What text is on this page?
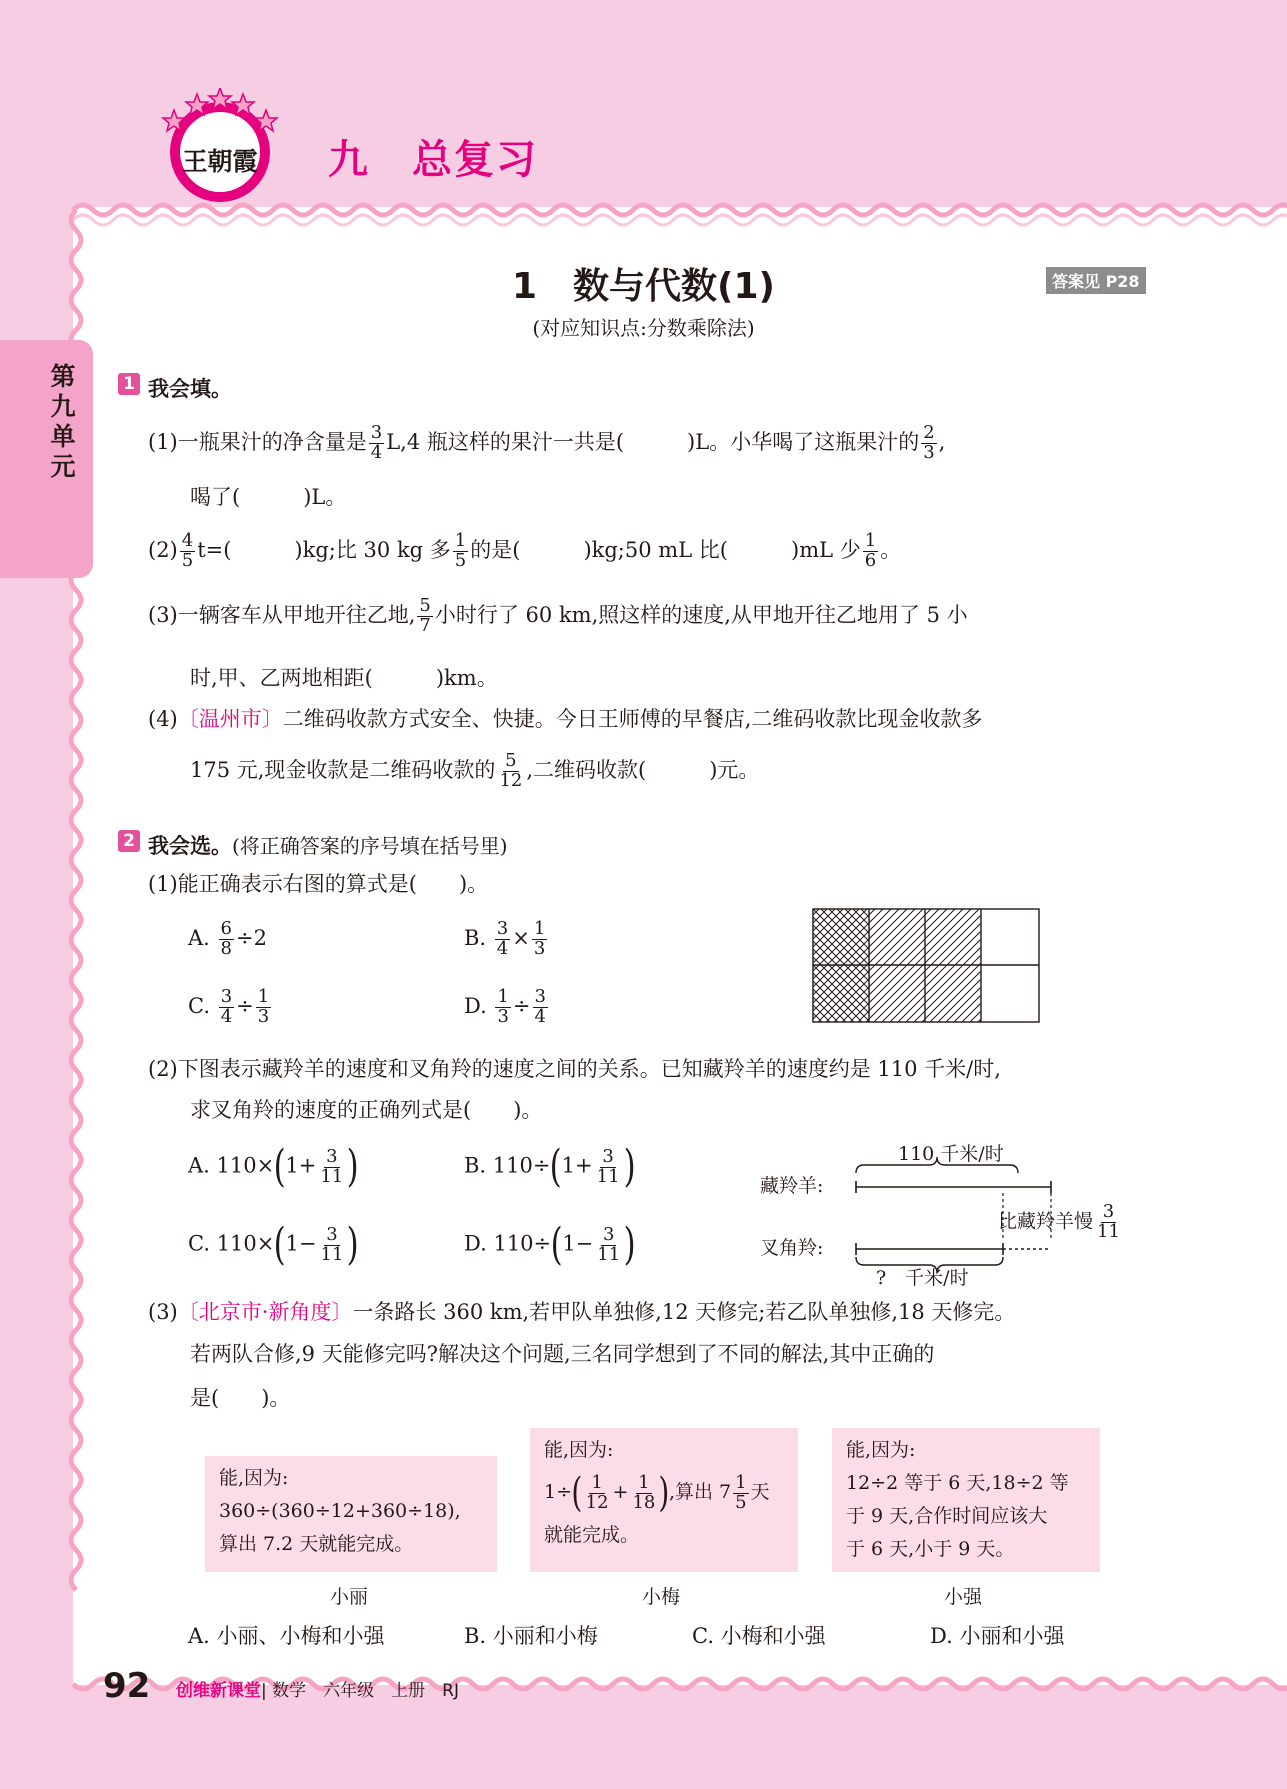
王朝霞 九　总复习
第九单元
1　数与代数(1)	答案见 P28
(对应知识点:分数乘除法)
1 我会填。
(1)一瓶果汁的净含量是 $\frac{3}{4} L,4$ 瓶这样的果汁一共是(　　　)L。小华喝了这瓶果汁的 $\frac{2}{3}$ ,
喝了(　　　)L。
$(2) \frac{4}{5} t=$(　　　)kg;比 30 kg 多 $\frac{1}{5}$ 的是(　　　)kg;50 mL 比(　　　)mL 少 $\frac{1}{6}$ 。
(3)一辆客车从甲地开往乙地, $\frac{5}{7}$ 小时行了 60 km,照这样的速度,从甲地开往乙地用了 5 小
时,甲、乙两地相距(　　　)km。
(4)〔温州市〕二维码收款方式安全、快捷。今日王师傅的早餐店,二维码收款比现金收款多
175 元,现金收款是二维码收款的 $\frac{5}{12}$ ,二维码收款(　　　)元。
2 我会选。(将正确答案的序号填在括号里)
(1)能正确表示右图的算式是(　　)。
A. $\frac{6}{8} \div 2$	B. $\frac{3}{4} \times \frac{1}{3}$
C. $\frac{3}{4} \div \frac{1}{3}$	D. $\frac{1}{3} \div \frac{3}{4}$
(2)下图表示藏羚羊的速度和叉角羚的速度之间的关系。已知藏羚羊的速度约是 110 千米/时,
求叉角羚的速度的正确列式是(　　)。
A. $110\times(1+ \frac{3}{11}$ )	B. $110\div(1+ \frac{3}{11}$ )
C. $110\times(1- \frac{3}{11}$ )	D. $110\div(1- \frac{3}{11}$ )
110 千米/时
藏羚羊:
叉角羚:
比藏羚羊慢 $\frac{3}{11}$
?　千米/时
(3)〔北京市·新角度〕一条路长 360 km,若甲队单独修,12 天修完;若乙队单独修,18 天修完。
若两队合修,9 天能修完吗?解决这个问题,三名同学想到了不同的解法,其中正确的
是(　　)。
能,因为:
360÷(360÷12+360÷18),
算出 7.2 天就能完成。
小丽
能,因为:
$1\div( \frac{1}{12} + \frac{1}{18}$ ),算出 $7 \frac{1}{5}$ 天
就能完成。
小梅
能,因为:
12÷2 等于 6 天,18÷2 等
于 9 天,合作时间应该大
于 6 天,小于 9 天。
小强
A. 小丽、小梅和小强	B. 小丽和小梅	C. 小梅和小强	D. 小丽和小强
92 创维新课堂| 数学　六年级　上册　RJ
